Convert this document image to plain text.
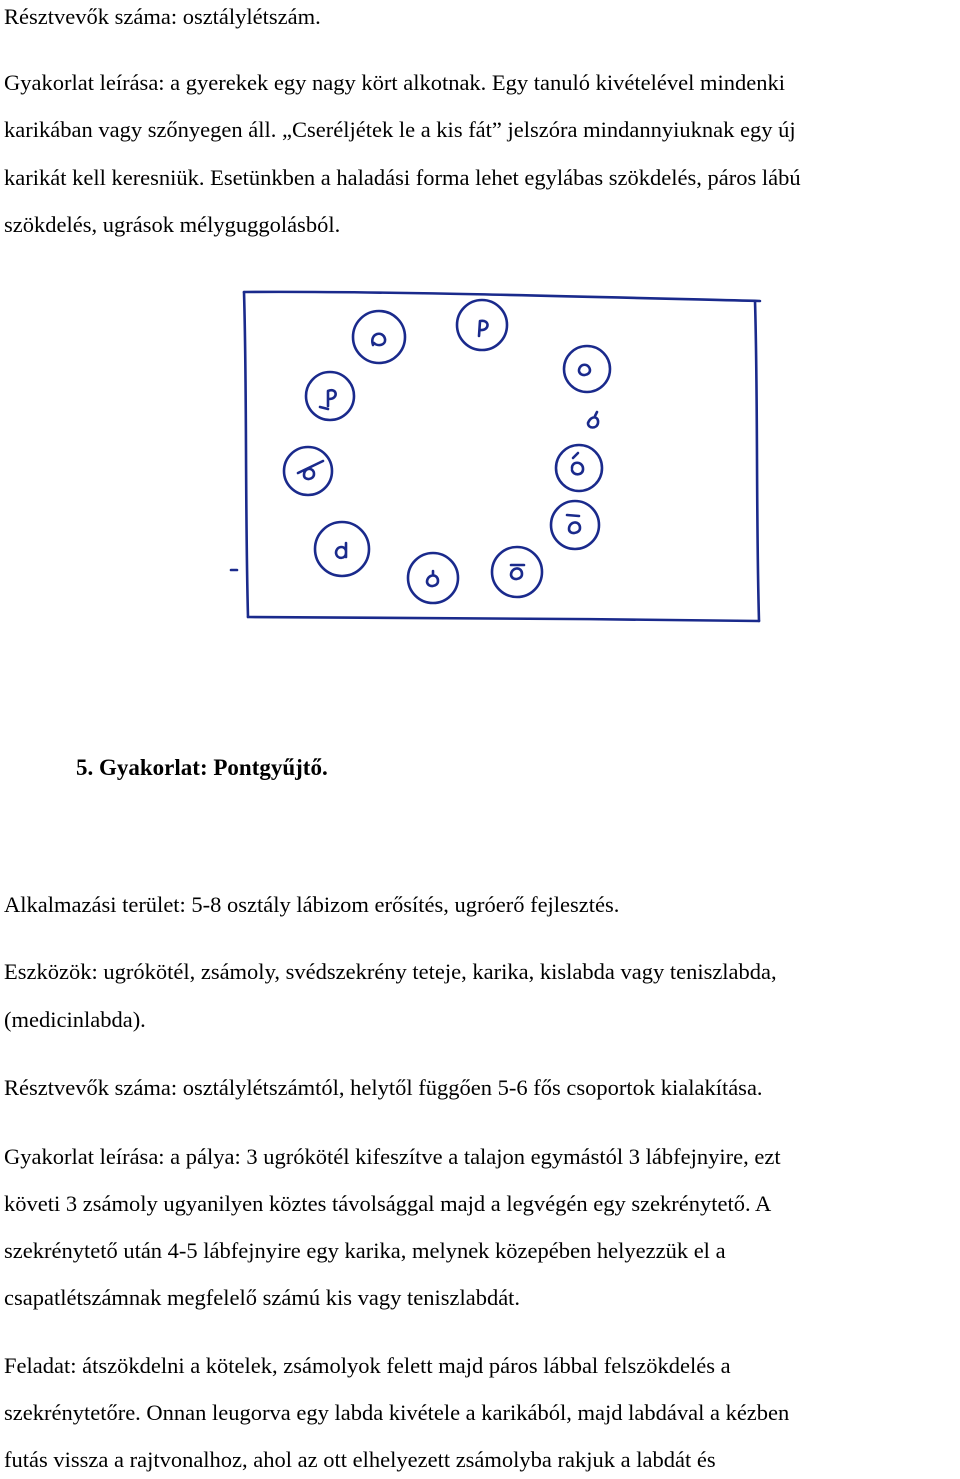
Résztvevők száma: osztálylétszám.
Gyakorlat leírása: a gyerekek egy nagy kört alkotnak. Egy tanuló kivételével mindenki
karikában vagy szőnyegen áll. „Cseréljétek le a kis fát” jelszóra mindannyiuknak egy új
karikát kell keresniük. Esetünkben a haladási forma lehet egylábas szökdelés, páros lábú
szökdelés, ugrások mélyguggolásból.
5. Gyakorlat: Pontgyűjtő.
Alkalmazási terület: 5-8 osztály lábizom erősítés, ugróerő fejlesztés.
Eszközök: ugrókötél, zsámoly, svédszekrény teteje, karika, kislabda vagy teniszlabda,
(medicinlabda).
Résztvevők száma: osztálylétszámtól, helytől függően 5-6 fős csoportok kialakítása.
Gyakorlat leírása: a pálya: 3 ugrókötél kifeszítve a talajon egymástól 3 lábfejnyire, ezt
követi 3 zsámoly ugyanilyen köztes távolsággal majd a legvégén egy szekrénytető. A
szekrénytető után 4-5 lábfejnyire egy karika, melynek közepében helyezzük el a
csapatlétszámnak megfelelő számú kis vagy teniszlabdát.
Feladat: átszökdelni a kötelek, zsámolyok felett majd páros lábbal felszökdelés a
szekrénytetőre. Onnan leugorva egy labda kivétele a karikából, majd labdával a kézben
futás vissza a rajtvonalhoz, ahol az ott elhelyezett zsámolyba rakjuk a labdát és
